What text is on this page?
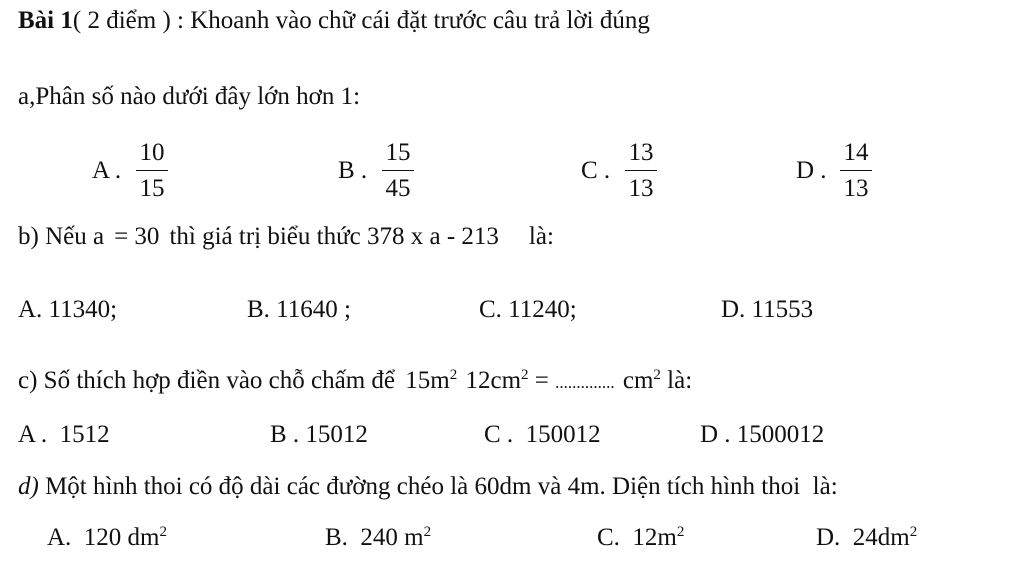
Bài 1( 2 điểm ) : Khoanh vào chữ cái đặt trước câu trả lời đúng
a,Phân số nào dưới đây lớn hơn 1:
A . $\frac{10}{15}$	B . $\frac{15}{45}$	C . $\frac{13}{13}$	D . $\frac{14}{13}$
b) Nếu a = 30 thì giá trị biểu thức 378 x a - 213 là:
A. 11340;	B. 11640 ;	C. 11240;	D. 11553
c) Số thích hợp điền vào chỗ chấm để $15m^2$ $12cm^2$ = .............. $cm^2$ là:
A .  1512	B . 15012	C .  150012	D . 1500012
d) Một hình thoi có độ dài các đường chéo là 60dm và 4m. Diện tích hình thoi  là:
A.  120 $dm^2$	B.  240 $m^2$	C.  $12m^2$	D.  $24dm^2$
